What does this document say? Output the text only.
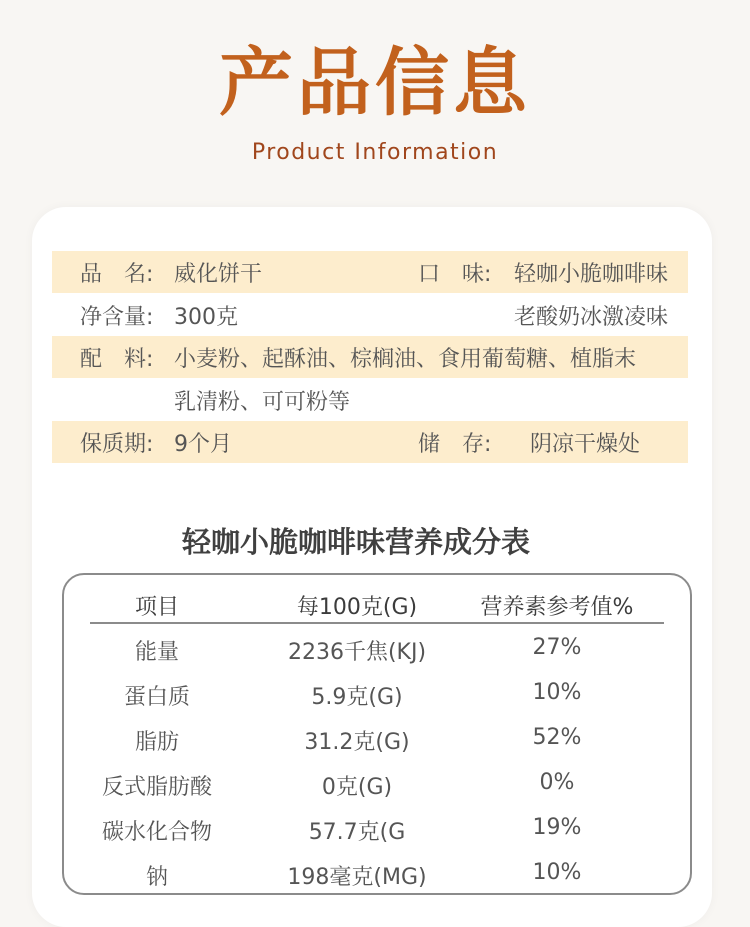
产品信息
Product Information
品　名: 威化饼干	口　味: 轻咖小脆咖啡味
净含量: 300克	老酸奶冰激凌味
配　料: 小麦粉、起酥油、棕榈油、食用葡萄糖、植脂末
乳清粉、可可粉等
保质期: 9个月	储　存: 阴凉干燥处
轻咖小脆咖啡味营养成分表
项目	每100克(G)	营养素参考值%
能量	2236千焦(KJ)	27%
蛋白质	5.9克(G)	10%
脂肪	31.2克(G)	52%
反式脂肪酸	0克(G)	0%
碳水化合物	57.7克(G	19%
钠	198毫克(MG)	10%
